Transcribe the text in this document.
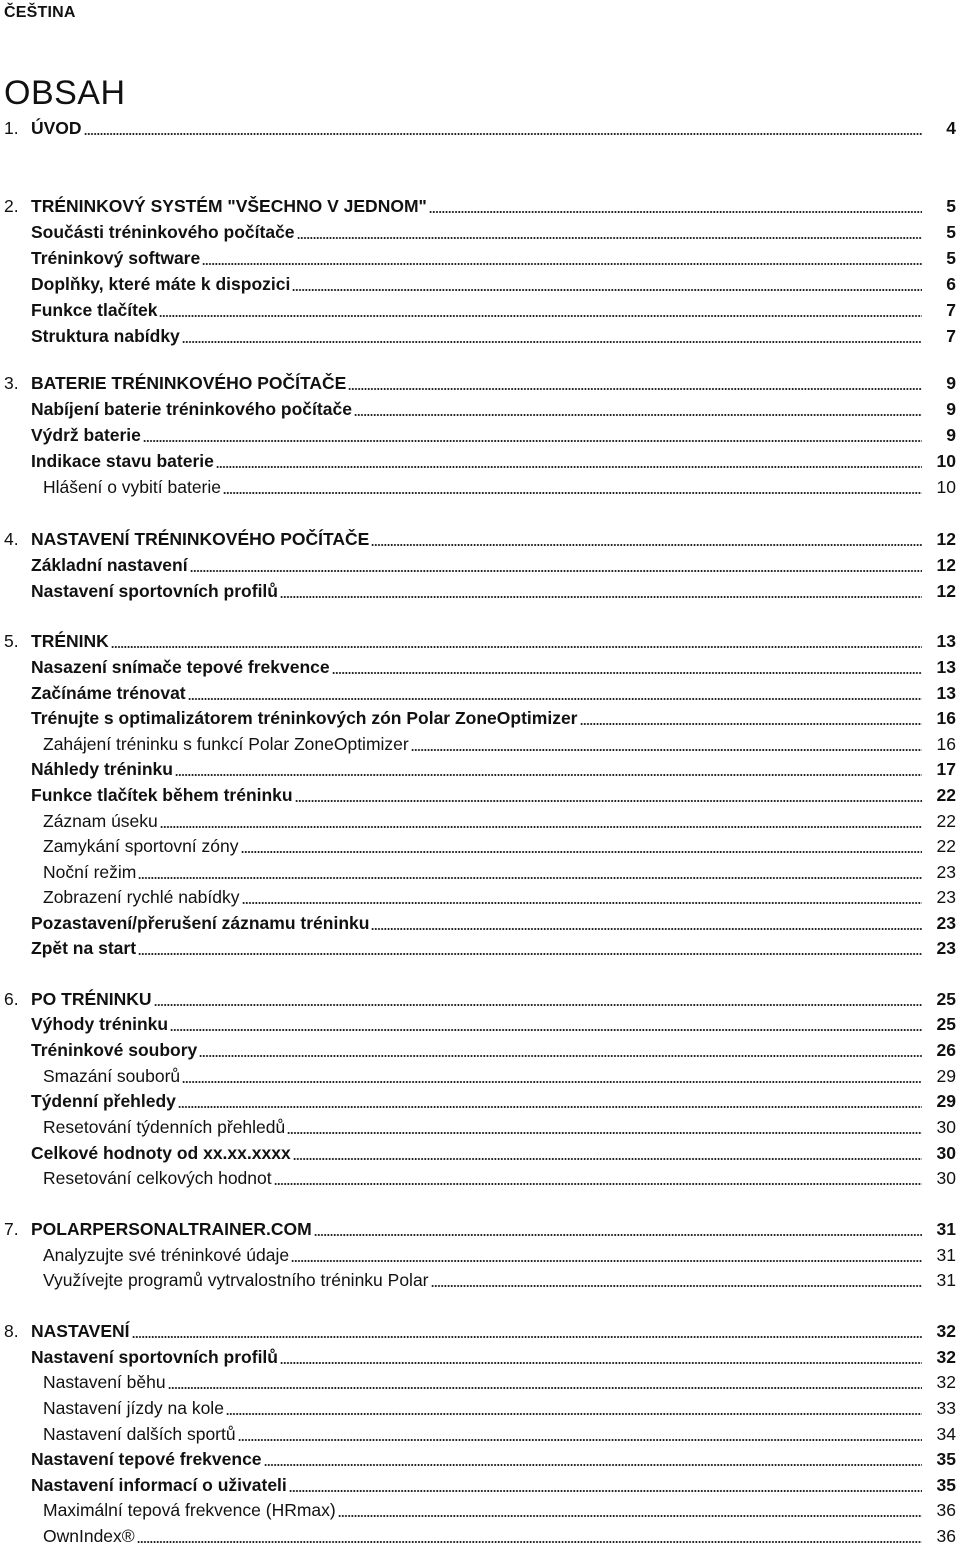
ČEŠTINA
OBSAH
1. ÚVOD	4
2. TRÉNINKOVÝ SYSTÉM "VŠECHNO V JEDNOM"	5
Součásti tréninkového počítače	5
Tréninkový software	5
Doplňky, které máte k dispozici	6
Funkce tlačítek	7
Struktura nabídky	7
3. BATERIE TRÉNINKOVÉHO POČÍTAČE	9
Nabíjení baterie tréninkového počítače	9
Výdrž baterie	9
Indikace stavu baterie	10
Hlášení o vybití baterie	10
4. NASTAVENÍ TRÉNINKOVÉHO POČÍTAČE	12
Základní nastavení	12
Nastavení sportovních profilů	12
5. TRÉNINK	13
Nasazení snímače tepové frekvence	13
Začínáme trénovat	13
Trénujte s optimalizátorem tréninkových zón Polar ZoneOptimizer	16
Zahájení tréninku s funkcí Polar ZoneOptimizer	16
Náhledy tréninku	17
Funkce tlačítek během tréninku	22
Záznam úseku	22
Zamykání sportovní zóny	22
Noční režim	23
Zobrazení rychlé nabídky	23
Pozastavení/přerušení záznamu tréninku	23
Zpět na start	23
6. PO TRÉNINKU	25
Výhody tréninku	25
Tréninkové soubory	26
Smazání souborů	29
Týdenní přehledy	29
Resetování týdenních přehledů	30
Celkové hodnoty od xx.xx.xxxx	30
Resetování celkových hodnot	30
7. POLARPERSONALTRAINER.COM	31
Analyzujte své tréninkové údaje	31
Využívejte programů vytrvalostního tréninku Polar	31
8. NASTAVENÍ	32
Nastavení sportovních profilů	32
Nastavení běhu	32
Nastavení jízdy na kole	33
Nastavení dalších sportů	34
Nastavení tepové frekvence	35
Nastavení informací o uživateli	35
Maximální tepová frekvence (HRmax)	36
OwnIndex®	36
